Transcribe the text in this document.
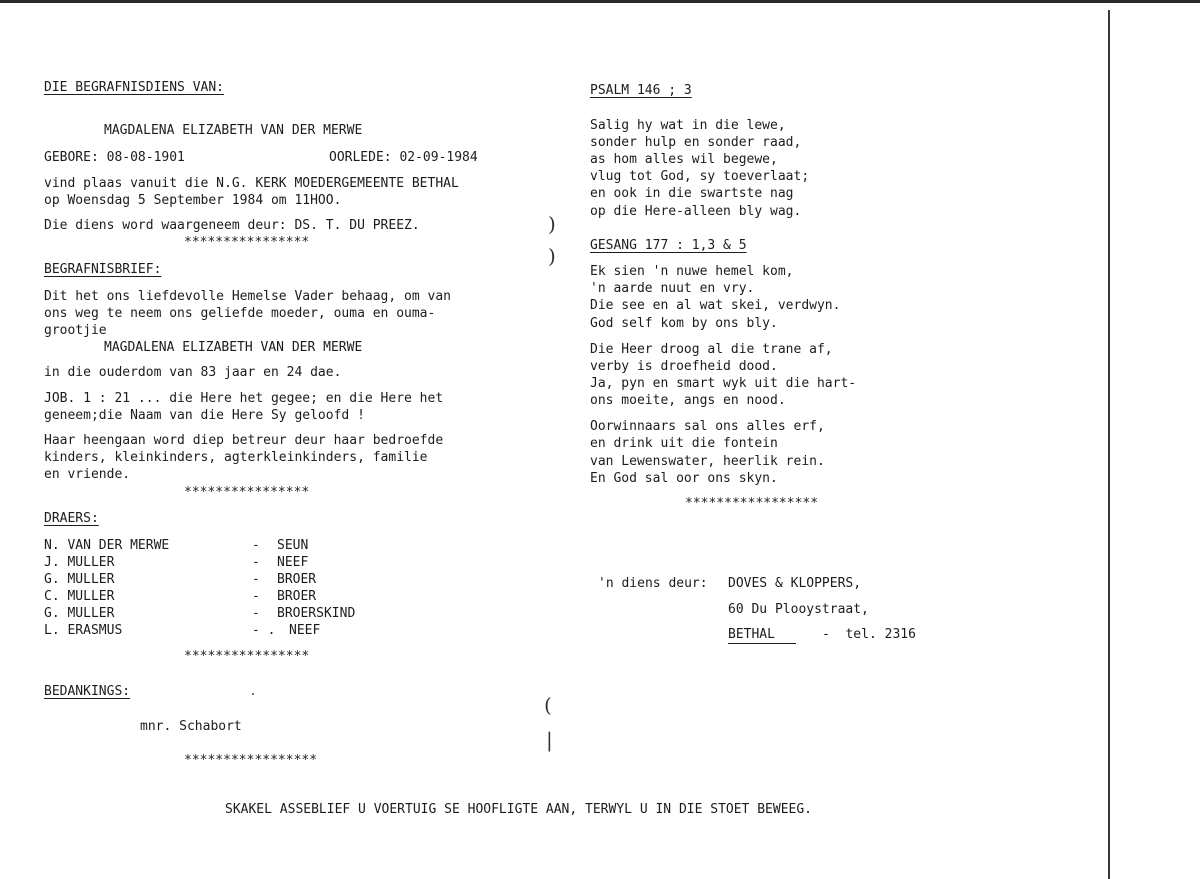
)
)
(
|
DIE BEGRAFNISDIENS VAN:
MAGDALENA ELIZABETH VAN DER MERWE
GEBORE: 08-08-1901	OORLEDE: 02-09-1984
vind plaas vanuit die N.G. KERK MOEDERGEMEENTE BETHAL
op Woensdag 5 September 1984 om 11HOO.
Die diens word waargeneem deur: DS. T. DU PREEZ.
****************
BEGRAFNISBRIEF:
Dit het ons liefdevolle Hemelse Vader behaag, om van
ons weg te neem ons geliefde moeder, ouma en ouma-
grootjie
MAGDALENA ELIZABETH VAN DER MERWE
in die ouderdom van 83 jaar en 24 dae.
JOB. 1 : 21 ... die Here het gegee; en die Here het
geneem;die Naam van die Here Sy geloofd !
Haar heengaan word diep betreur deur haar bedroefde
kinders, kleinkinders, agterkleinkinders, familie
en vriende.
****************
DRAERS:
N. VAN DER MERWE	- SEUN
J. MULLER	- NEEF
G. MULLER	- BROER
C. MULLER	- BROER
G. MULLER	- BROERSKIND
L. ERASMUS	- . NEEF
****************
BEDANKINGS:
mnr. Schabort
*****************
PSALM 146 ; 3
Salig hy wat in die lewe,
sonder hulp en sonder raad,
as hom alles wil begewe,
vlug tot God, sy toeverlaat;
en ook in die swartste nag
op die Here-alleen bly wag.
GESANG 177 : 1,3 & 5
Ek sien 'n nuwe hemel kom,
'n aarde nuut en vry.
Die see en al wat skei, verdwyn.
God self kom by ons bly.
Die Heer droog al die trane af,
verby is droefheid dood.
Ja, pyn en smart wyk uit die hart-
ons moeite, angs en nood.
Oorwinnaars sal ons alles erf,
en drink uit die fontein
van Lewenswater, heerlik rein.
En God sal oor ons skyn.
*****************
'n diens deur: DOVES & KLOPPERS,
60 Du Plooystraat,
BETHAL	-  tel. 2316
SKAKEL ASSEBLIEF U VOERTUIG SE HOOFLIGTE AAN, TERWYL U IN DIE STOET BEWEEG.
